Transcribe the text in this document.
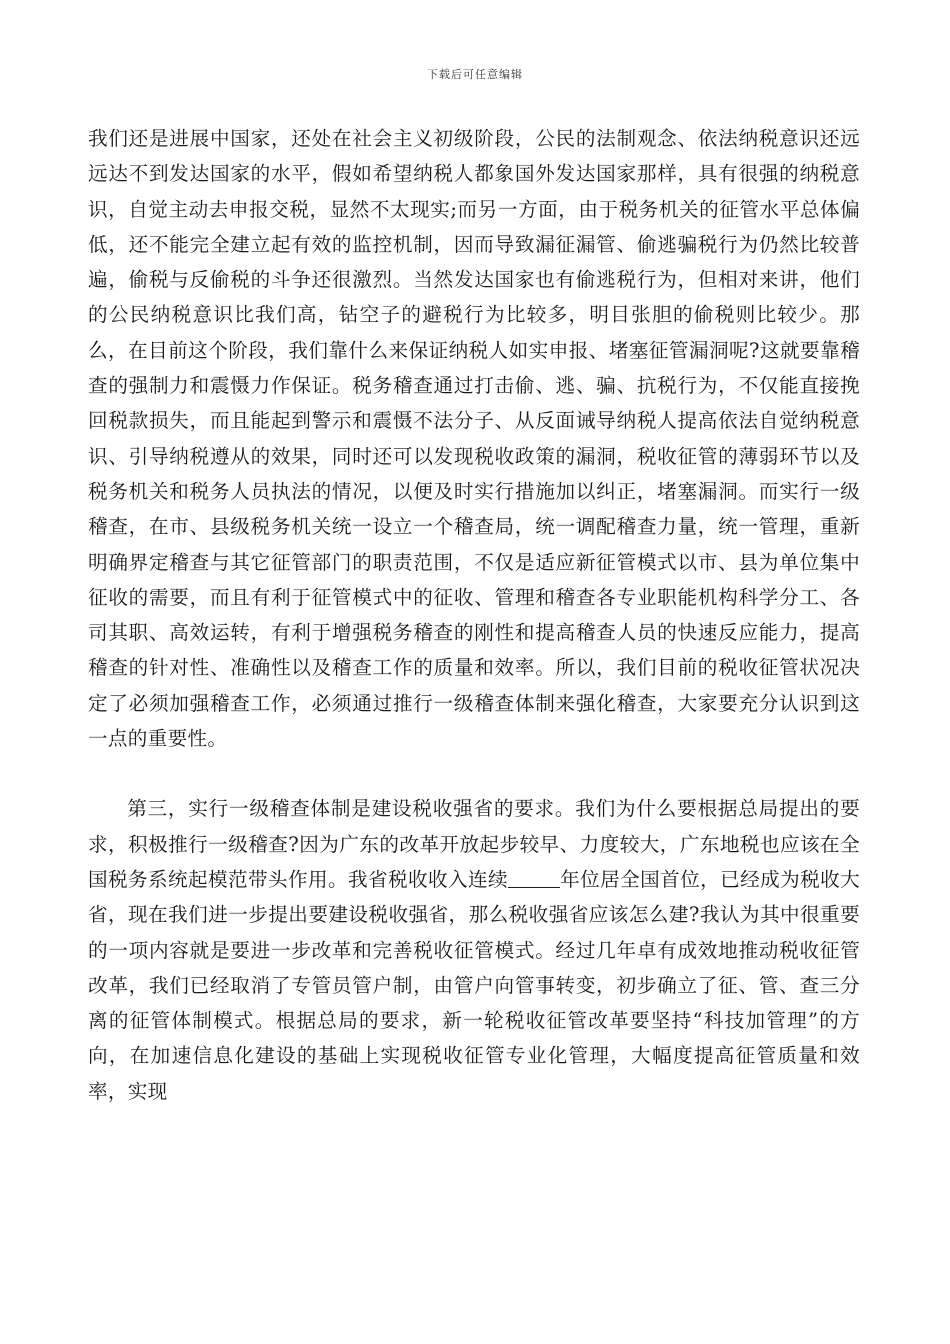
下载后可任意编辑

我们还是进展中国家，还处在社会主义初级阶段，公民的法制观念、依法纳税意识还远远达不到发达国家的水平，假如希望纳税人都象国外发达国家那样，具有很强的纳税意识，自觉主动去申报交税，显然不太现实;而另一方面，由于税务机关的征管水平总体偏低，还不能完全建立起有效的监控机制，因而导致漏征漏管、偷逃骗税行为仍然比较普遍，偷税与反偷税的斗争还很激烈。当然发达国家也有偷逃税行为，但相对来讲，他们的公民纳税意识比我们高，钻空子的避税行为比较多，明目张胆的偷税则比较少。那么，在目前这个阶段，我们靠什么来保证纳税人如实申报、堵塞征管漏洞呢?这就要靠稽查的强制力和震慑力作保证。税务稽查通过打击偷、逃、骗、抗税行为，不仅能直接挽回税款损失，而且能起到警示和震慑不法分子、从反面诫导纳税人提高依法自觉纳税意识、引导纳税遵从的效果，同时还可以发现税收政策的漏洞，税收征管的薄弱环节以及税务机关和税务人员执法的情况，以便及时实行措施加以纠正，堵塞漏洞。而实行一级稽查，在市、县级税务机关统一设立一个稽查局，统一调配稽查力量，统一管理，重新明确界定稽查与其它征管部门的职责范围，不仅是适应新征管模式以市、县为单位集中征收的需要，而且有利于征管模式中的征收、管理和稽查各专业职能机构科学分工、各司其职、高效运转，有利于增强税务稽查的刚性和提高稽查人员的快速反应能力，提高稽查的针对性、准确性以及稽查工作的质量和效率。所以，我们目前的税收征管状况决定了必须加强稽查工作，必须通过推行一级稽查体制来强化稽查，大家要充分认识到这一点的重要性。

第三，实行一级稽查体制是建设税收强省的要求。我们为什么要根据总局提出的要求，积极推行一级稽查?因为广东的改革开放起步较早、力度较大，广东地税也应该在全国税务系统起模范带头作用。我省税收收入连续	年位居全国首位，已经成为税收大省，现在我们进一步提出要建设税收强省，那么税收强省应该怎么建?我认为其中很重要的一项内容就是要进一步改革和完善税收征管模式。经过几年卓有成效地推动税收征管改革，我们已经取消了专管员管户制，由管户向管事转变，初步确立了征、管、查三分离的征管体制模式。根据总局的要求，新一轮税收征管改革要坚持“科技加管理”的方向，在加速信息化建设的基础上实现税收征管专业化管理，大幅度提高征管质量和效率，实现
